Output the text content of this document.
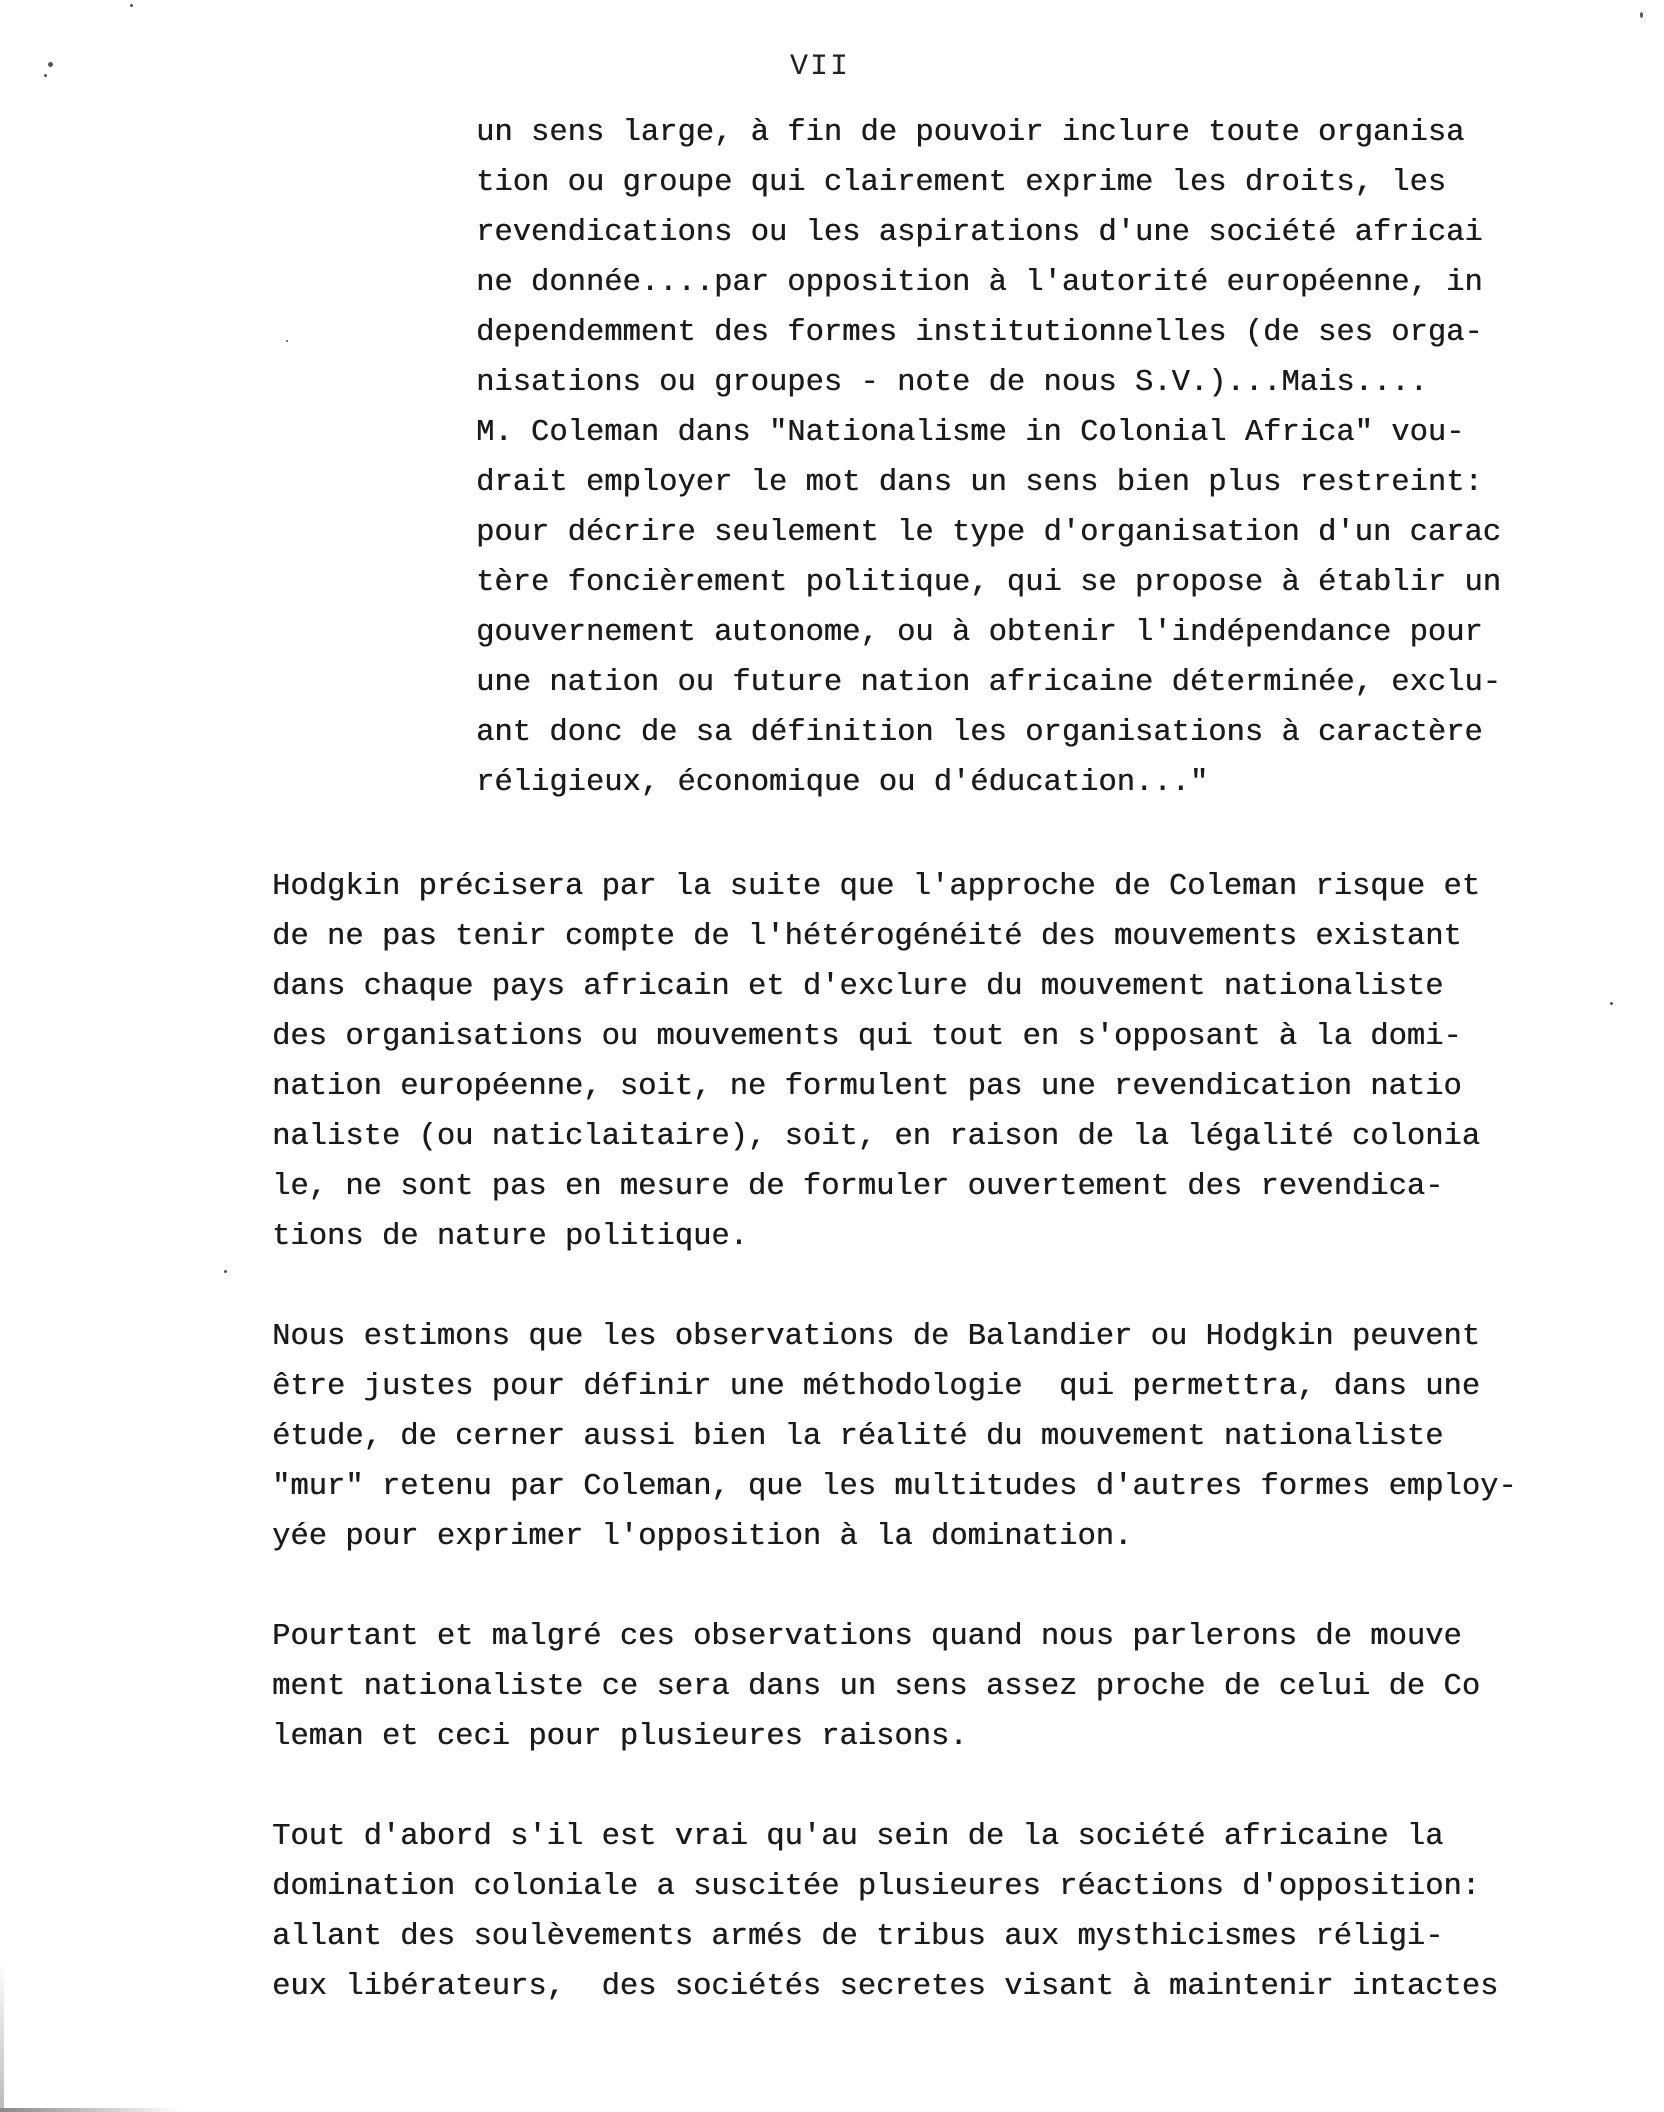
VII
un sens large, à fin de pouvoir inclure toute organisa
tion ou groupe qui clairement exprime les droits, les
revendications ou les aspirations d'une société africai
ne donnée....par opposition à l'autorité européenne, in
dependemment des formes institutionnelles (de ses orga-
nisations ou groupes - note de nous S.V.)...Mais....
M. Coleman dans "Nationalisme in Colonial Africa" vou-
drait employer le mot dans un sens bien plus restreint:
pour décrire seulement le type d'organisation d'un carac
tère foncièrement politique, qui se propose à établir un
gouvernement autonome, ou à obtenir l'indépendance pour
une nation ou future nation africaine déterminée, exclu-
ant donc de sa définition les organisations à caractère
réligieux, économique ou d'éducation..."
Hodgkin précisera par la suite que l'approche de Coleman risque et
de ne pas tenir compte de l'hétérogénéité des mouvements existant
dans chaque pays africain et d'exclure du mouvement nationaliste
des organisations ou mouvements qui tout en s'opposant à la domi-
nation européenne, soit, ne formulent pas une revendication natio
naliste (ou naticlaitaire), soit, en raison de la légalité colonia
le, ne sont pas en mesure de formuler ouvertement des revendica-
tions de nature politique.
Nous estimons que les observations de Balandier ou Hodgkin peuvent
être justes pour définir une méthodologie  qui permettra, dans une
étude, de cerner aussi bien la réalité du mouvement nationaliste
"mur" retenu par Coleman, que les multitudes d'autres formes employ-
yée pour exprimer l'opposition à la domination.
Pourtant et malgré ces observations quand nous parlerons de mouve
ment nationaliste ce sera dans un sens assez proche de celui de Co
leman et ceci pour plusieures raisons.
Tout d'abord s'il est vrai qu'au sein de la société africaine la
domination coloniale a suscitée plusieures réactions d'opposition:
allant des soulèvements armés de tribus aux mysthicismes réligi-
eux libérateurs,  des sociétés secretes visant à maintenir intactes
